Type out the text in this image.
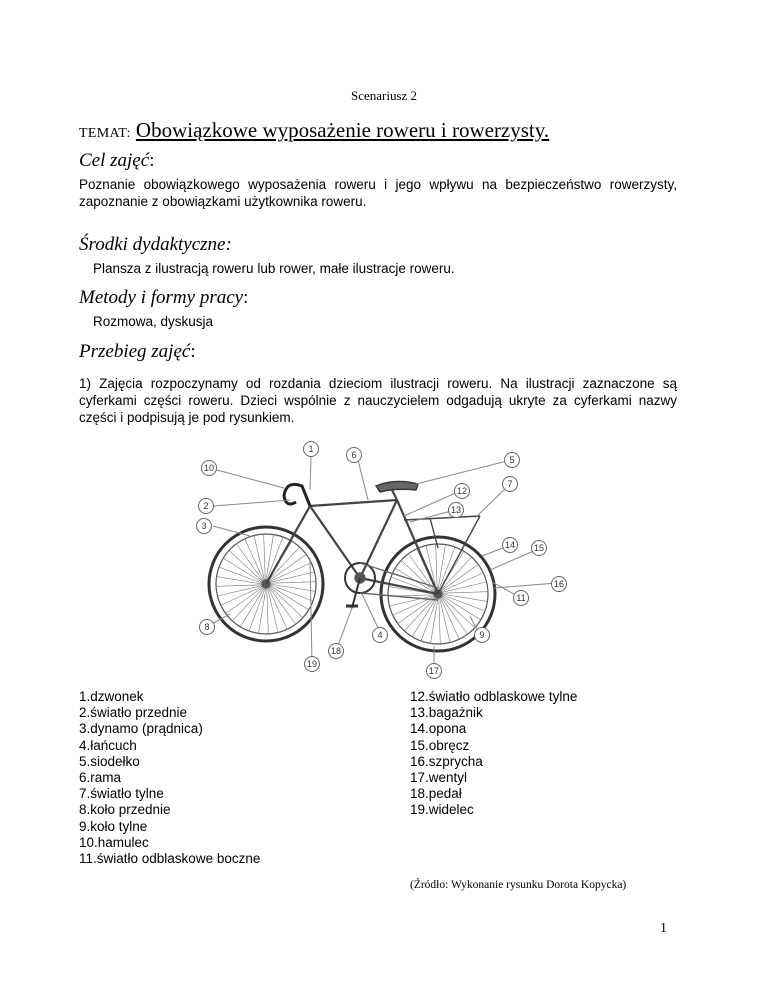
Scenariusz 2
TEMAT: Obowiązkowe wyposażenie roweru i rowerzysty.
Cel zajęć:
Poznanie obowiązkowego wyposażenia roweru i jego wpływu na bezpieczeństwo rowerzysty, zapoznanie z obowiązkami użytkownika roweru.
Środki dydaktyczne:
Plansza z ilustracją roweru lub rower, małe ilustracje roweru.
Metody i formy pracy:
Rozmowa, dyskusja
Przebieg zajęć:
1) Zajęcia rozpoczynamy od rozdania dzieciom ilustracji roweru. Na ilustracji zaznaczone są cyferkami części roweru. Dzieci wspólnie z nauczycielem odgadują ukryte za cyferkami nazwy części i podpisują je pod rysunkiem.
1
2
3
4
5
6
7
8
9
10
11
12
13
14 15
16
17
18
19
1.dzwonek
2.światło przednie
3.dynamo (prądnica)
4.łańcuch
5.siodełko
6.rama
7.światło tylne
8.koło przednie
9.koło tylne
10.hamulec
11.światło odblaskowe boczne
12.światło odblaskowe tylne
13.bagażnik
14.opona
15.obręcz
16.szprycha
17.wentyl
18.pedał
19.widelec
(Źródło: Wykonanie rysunku Dorota Kopycka)
1
